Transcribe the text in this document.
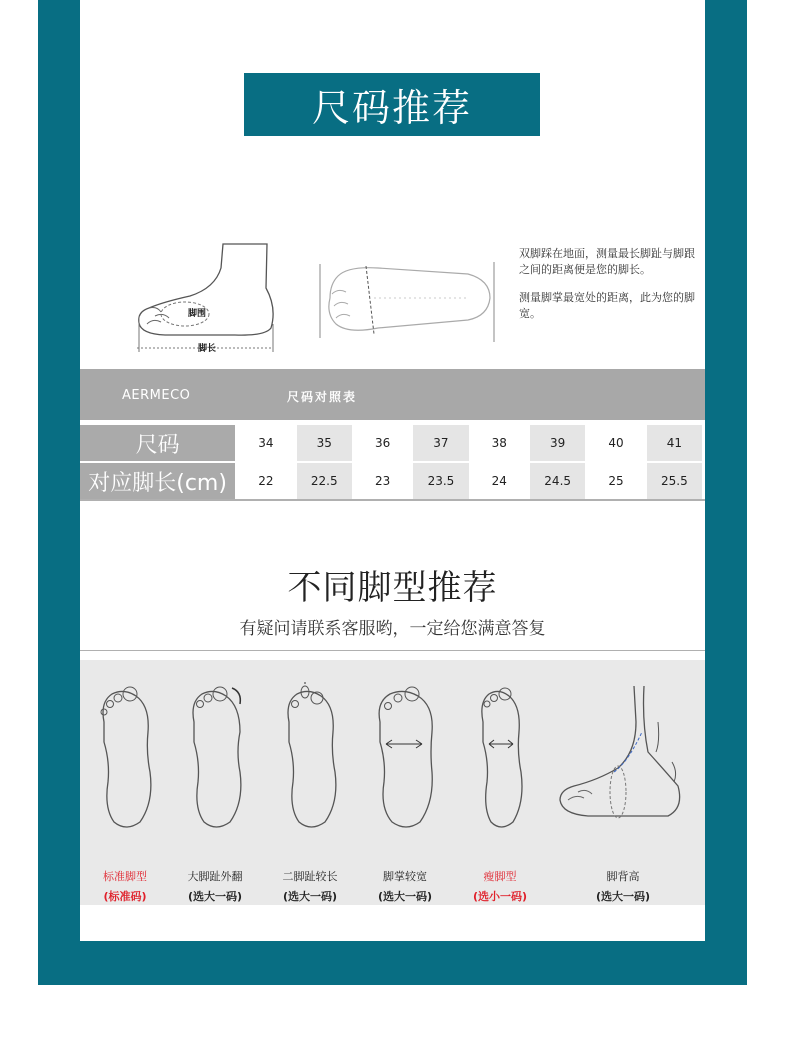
尺码推荐
脚围
脚长

双脚踩在地面，测量最长脚趾与脚跟之间的距离便是您的脚长。

测量脚掌最宽处的距离，此为您的脚宽。

AERMECO	尺码对照表
尺码	34	35	36	37	38	39	40	41
对应脚长(cm)	22	22.5	23	23.5	24	24.5	25	25.5
不同脚型推荐
有疑问请联系客服哟，一定给您满意答复
标准脚型
(标准码)
大脚趾外翻
(选大一码)
二脚趾较长
(选大一码)
脚掌较宽
(选大一码)
瘦脚型
(选小一码)
脚背高
(选大一码)
